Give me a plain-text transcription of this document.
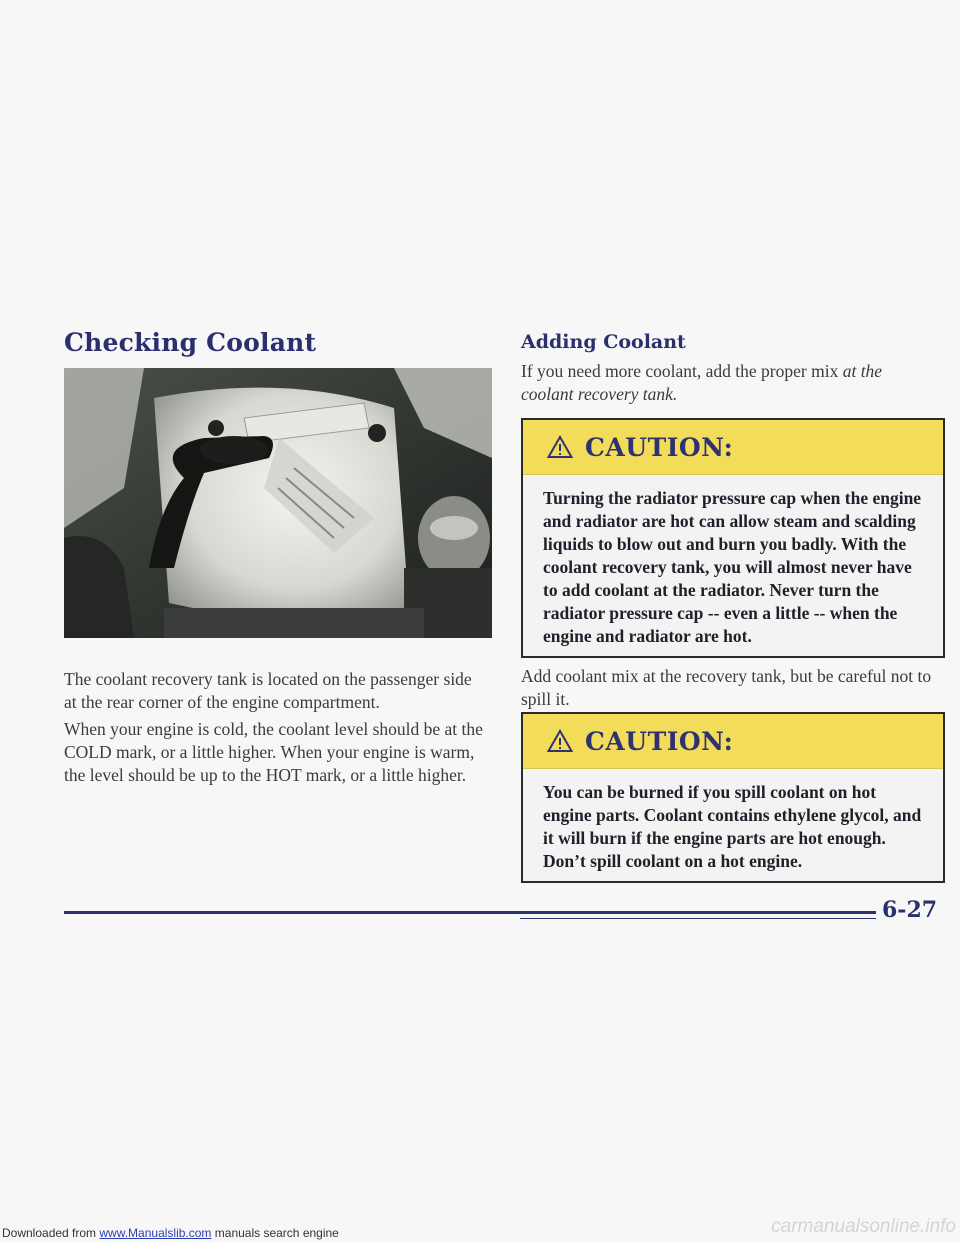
Checking Coolant

The coolant recovery tank is located on the passenger side at the rear corner of the engine compartment.

When your engine is cold, the coolant level should be at the COLD mark, or a little higher. When your engine is warm, the level should be up to the HOT mark, or a little higher.

Adding Coolant

If you need more coolant, add the proper mix at the coolant recovery tank.

CAUTION:
Turning the radiator pressure cap when the engine and radiator are hot can allow steam and scalding liquids to blow out and burn you badly. With the coolant recovery tank, you will almost never have to add coolant at the radiator. Never turn the radiator pressure cap -- even a little -- when the engine and radiator are hot.

Add coolant mix at the recovery tank, but be careful not to spill it.

CAUTION:
You can be burned if you spill coolant on hot engine parts. Coolant contains ethylene glycol, and it will burn if the engine parts are hot enough. Don’t spill coolant on a hot engine.
6-27
Downloaded from www.Manualslib.com manuals search engine	carmanualsonline.info
